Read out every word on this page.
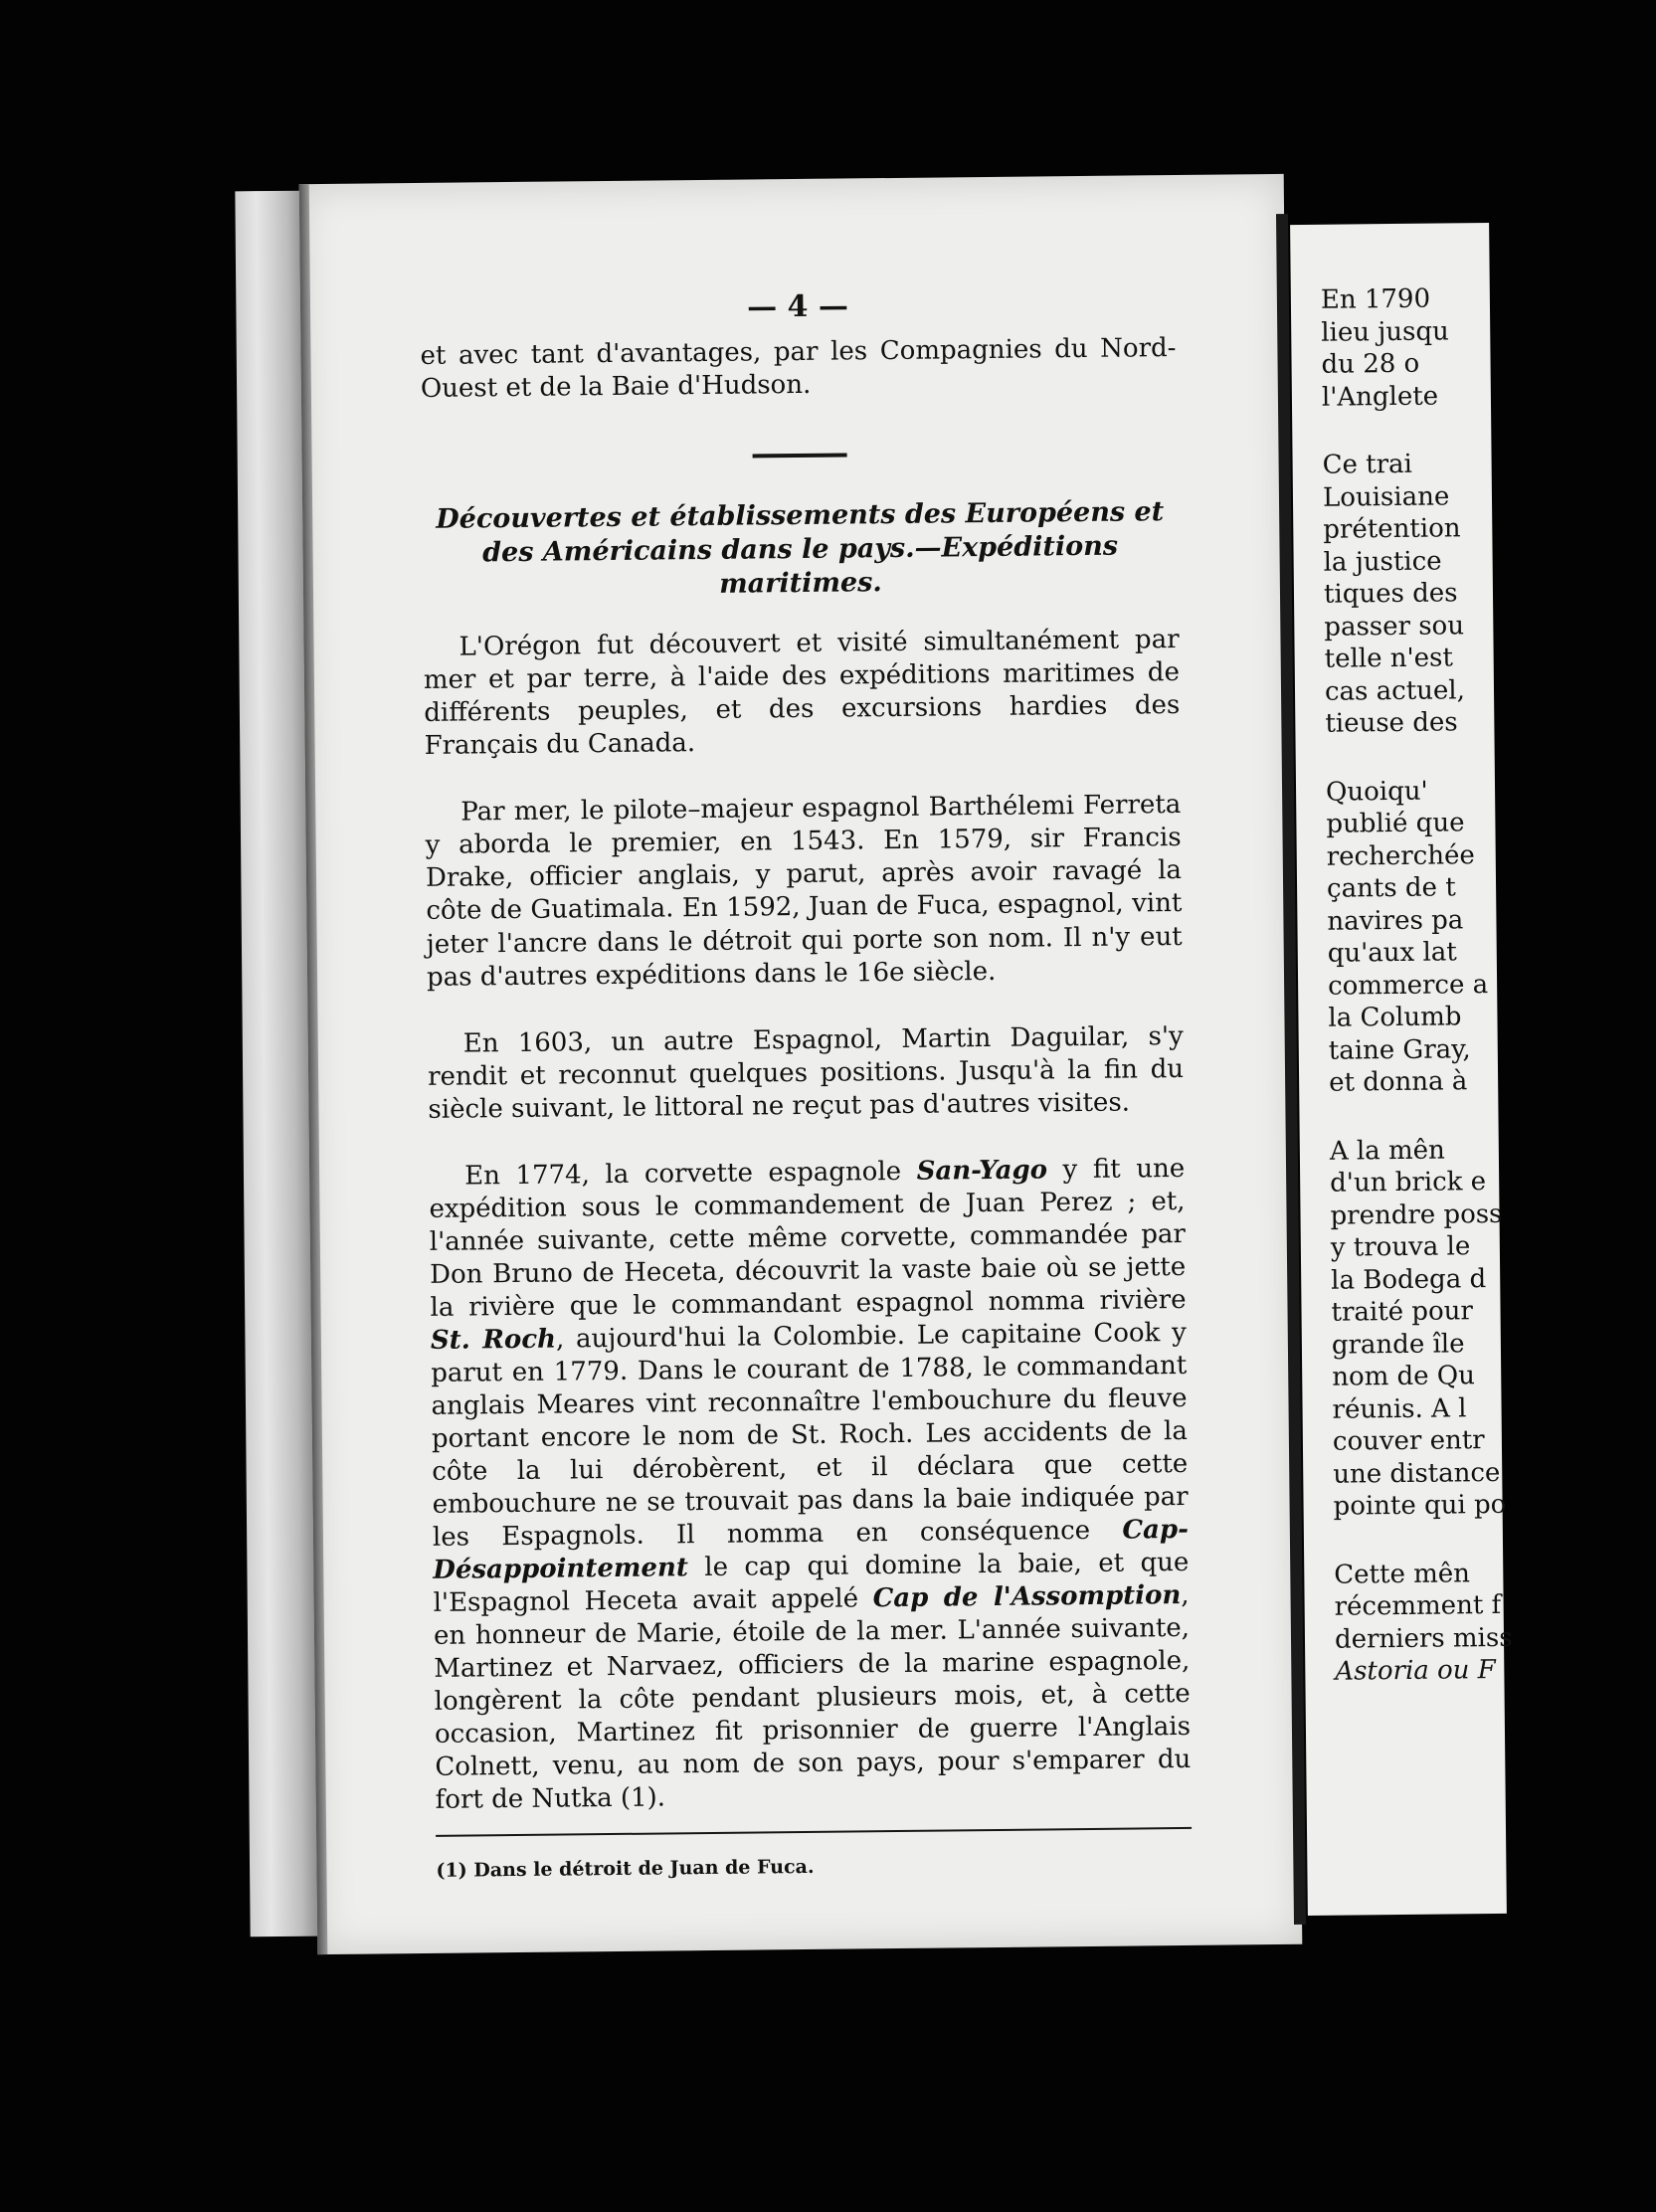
— 4 —

et avec tant d'avantages, par les Compagnies du Nord-Ouest et de la Baie d'Hudson.

Découvertes et établissements des Européens et des Américains dans le pays.—Expéditions maritimes.

L'Orégon fut découvert et visité simultanément par mer et par terre, à l'aide des expéditions maritimes de différents peuples, et des excursions hardies des Français du Canada.

Par mer, le pilote–majeur espagnol Barthélemi Ferreta y aborda le premier, en 1543. En 1579, sir Francis Drake, officier anglais, y parut, après avoir ravagé la côte de Guatimala. En 1592, Juan de Fuca, espagnol, vint jeter l'ancre dans le détroit qui porte son nom. Il n'y eut pas d'autres expéditions dans le 16e siècle.

En 1603, un autre Espagnol, Martin Daguilar, s'y rendit et reconnut quelques positions. Jusqu'à la fin du siècle suivant, le littoral ne reçut pas d'autres visites.

En 1774, la corvette espagnole San-Yago y fit une expédition sous le commandement de Juan Perez ; et, l'année suivante, cette même corvette, commandée par Don Bruno de Heceta, découvrit la vaste baie où se jette la rivière que le commandant espagnol nomma rivière St. Roch, aujourd'hui la Colombie. Le capitaine Cook y parut en 1779. Dans le courant de 1788, le commandant anglais Meares vint reconnaître l'embouchure du fleuve portant encore le nom de St. Roch. Les accidents de la côte la lui dérobèrent, et il déclara que cette embouchure ne se trouvait pas dans la baie indiquée par les Espagnols. Il nomma en conséquence Cap-Désappointement le cap qui domine la baie, et que l'Espagnol Heceta avait appelé Cap de l'Assomption, en honneur de Marie, étoile de la mer. L'année suivante, Martinez et Narvaez, officiers de la marine espagnole, longèrent la côte pendant plusieurs mois, et, à cette occasion, Martinez fit prisonnier de guerre l'Anglais Colnett, venu, au nom de son pays, pour s'emparer du fort de Nutka (1).

(1) Dans le détroit de Juan de Fuca.
En 1790
lieu jusqu
du 28 o
l'Anglete
Ce trai
Louisiane
prétention
la justice
tiques des
passer sou
telle n'est
cas actuel,
tieuse des
Quoiqu'
publié que
recherchée
çants de t
navires pa
qu'aux lat
commerce a
la Columb
taine Gray,
et donna à
A la mên
d'un brick e
prendre poss
y trouva le
la Bodega d
traité pour
grande île
nom de Qu
réunis. A l
couver entr
une distance
pointe qui po
Cette mên
récemment f
derniers miss
Astoria ou F
